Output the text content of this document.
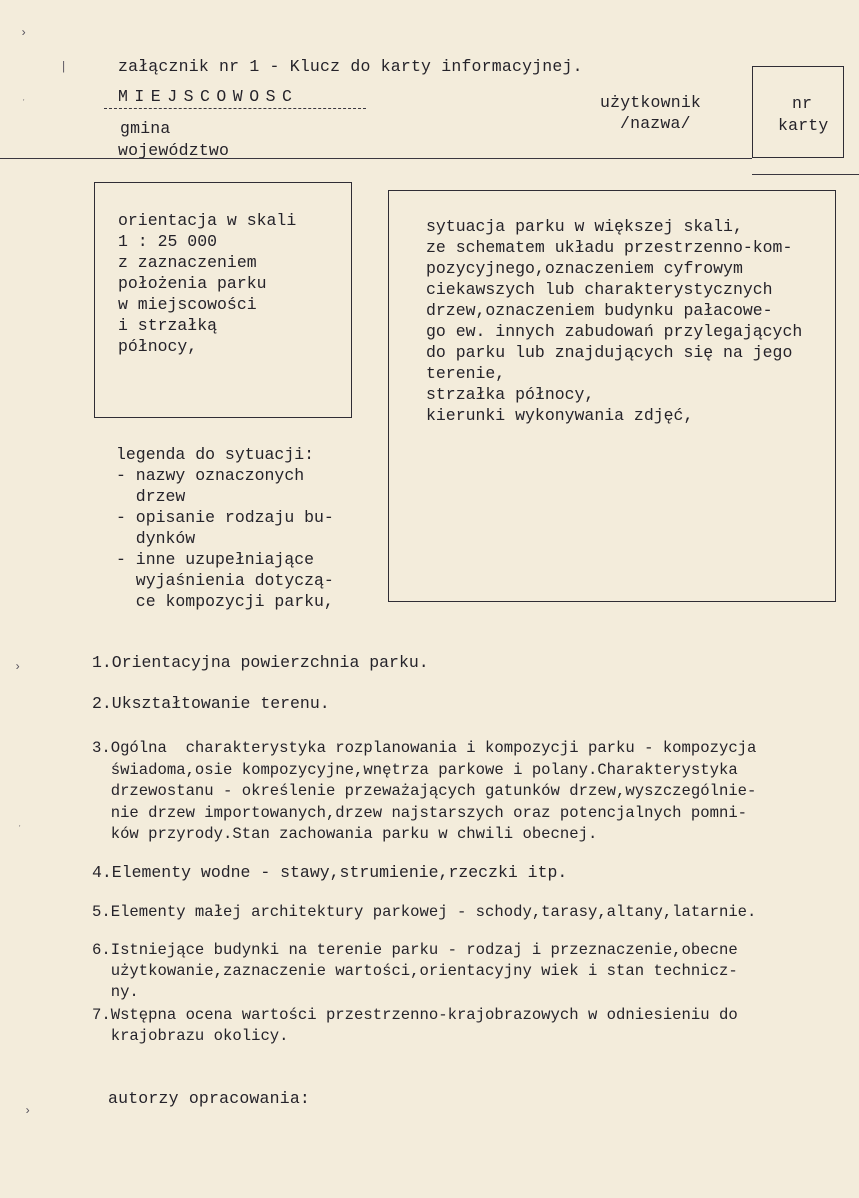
›
|
ˑ
›
ˑ
›
załącznik nr 1 - Klucz do karty informacyjnej.
MIEJSCOWOSC
gmina
województwo
użytkownik
/nazwa/
nr
karty
orientacja w skali
1 : 25 000
z zaznaczeniem
położenia parku
w miejscowości
i strzałką
północy,
sytuacja parku w większej skali,
ze schematem układu przestrzenno-kom-
pozycyjnego,oznaczeniem cyfrowym
ciekawszych lub charakterystycznych
drzew,oznaczeniem budynku pałacowe-
go ew. innych zabudowań przylegających
do parku lub znajdujących się na jego
terenie,
strzałka północy,
kierunki wykonywania zdjęć,
legenda do sytuacji:
- nazwy oznaczonych
drzew
- opisanie rodzaju bu-
dynków
- inne uzupełniające
wyjaśnienia dotyczą-
ce kompozycji parku,
1.Orientacyjna powierzchnia parku.
2.Ukształtowanie terenu.
3.Ogólna  charakterystyka rozplanowania i kompozycji parku - kompozycja
świadoma,osie kompozycyjne,wnętrza parkowe i polany.Charakterystyka
drzewostanu - określenie przeważających gatunków drzew,wyszczególnie-
nie drzew importowanych,drzew najstarszych oraz potencjalnych pomni-
ków przyrody.Stan zachowania parku w chwili obecnej.
4.Elementy wodne - stawy,strumienie,rzeczki itp.
5.Elementy małej architektury parkowej - schody,tarasy,altany,latarnie.
6.Istniejące budynki na terenie parku - rodzaj i przeznaczenie,obecne
użytkowanie,zaznaczenie wartości,orientacyjny wiek i stan technicz-
ny.
7.Wstępna ocena wartości przestrzenno-krajobrazowych w odniesieniu do
krajobrazu okolicy.
autorzy opracowania:
